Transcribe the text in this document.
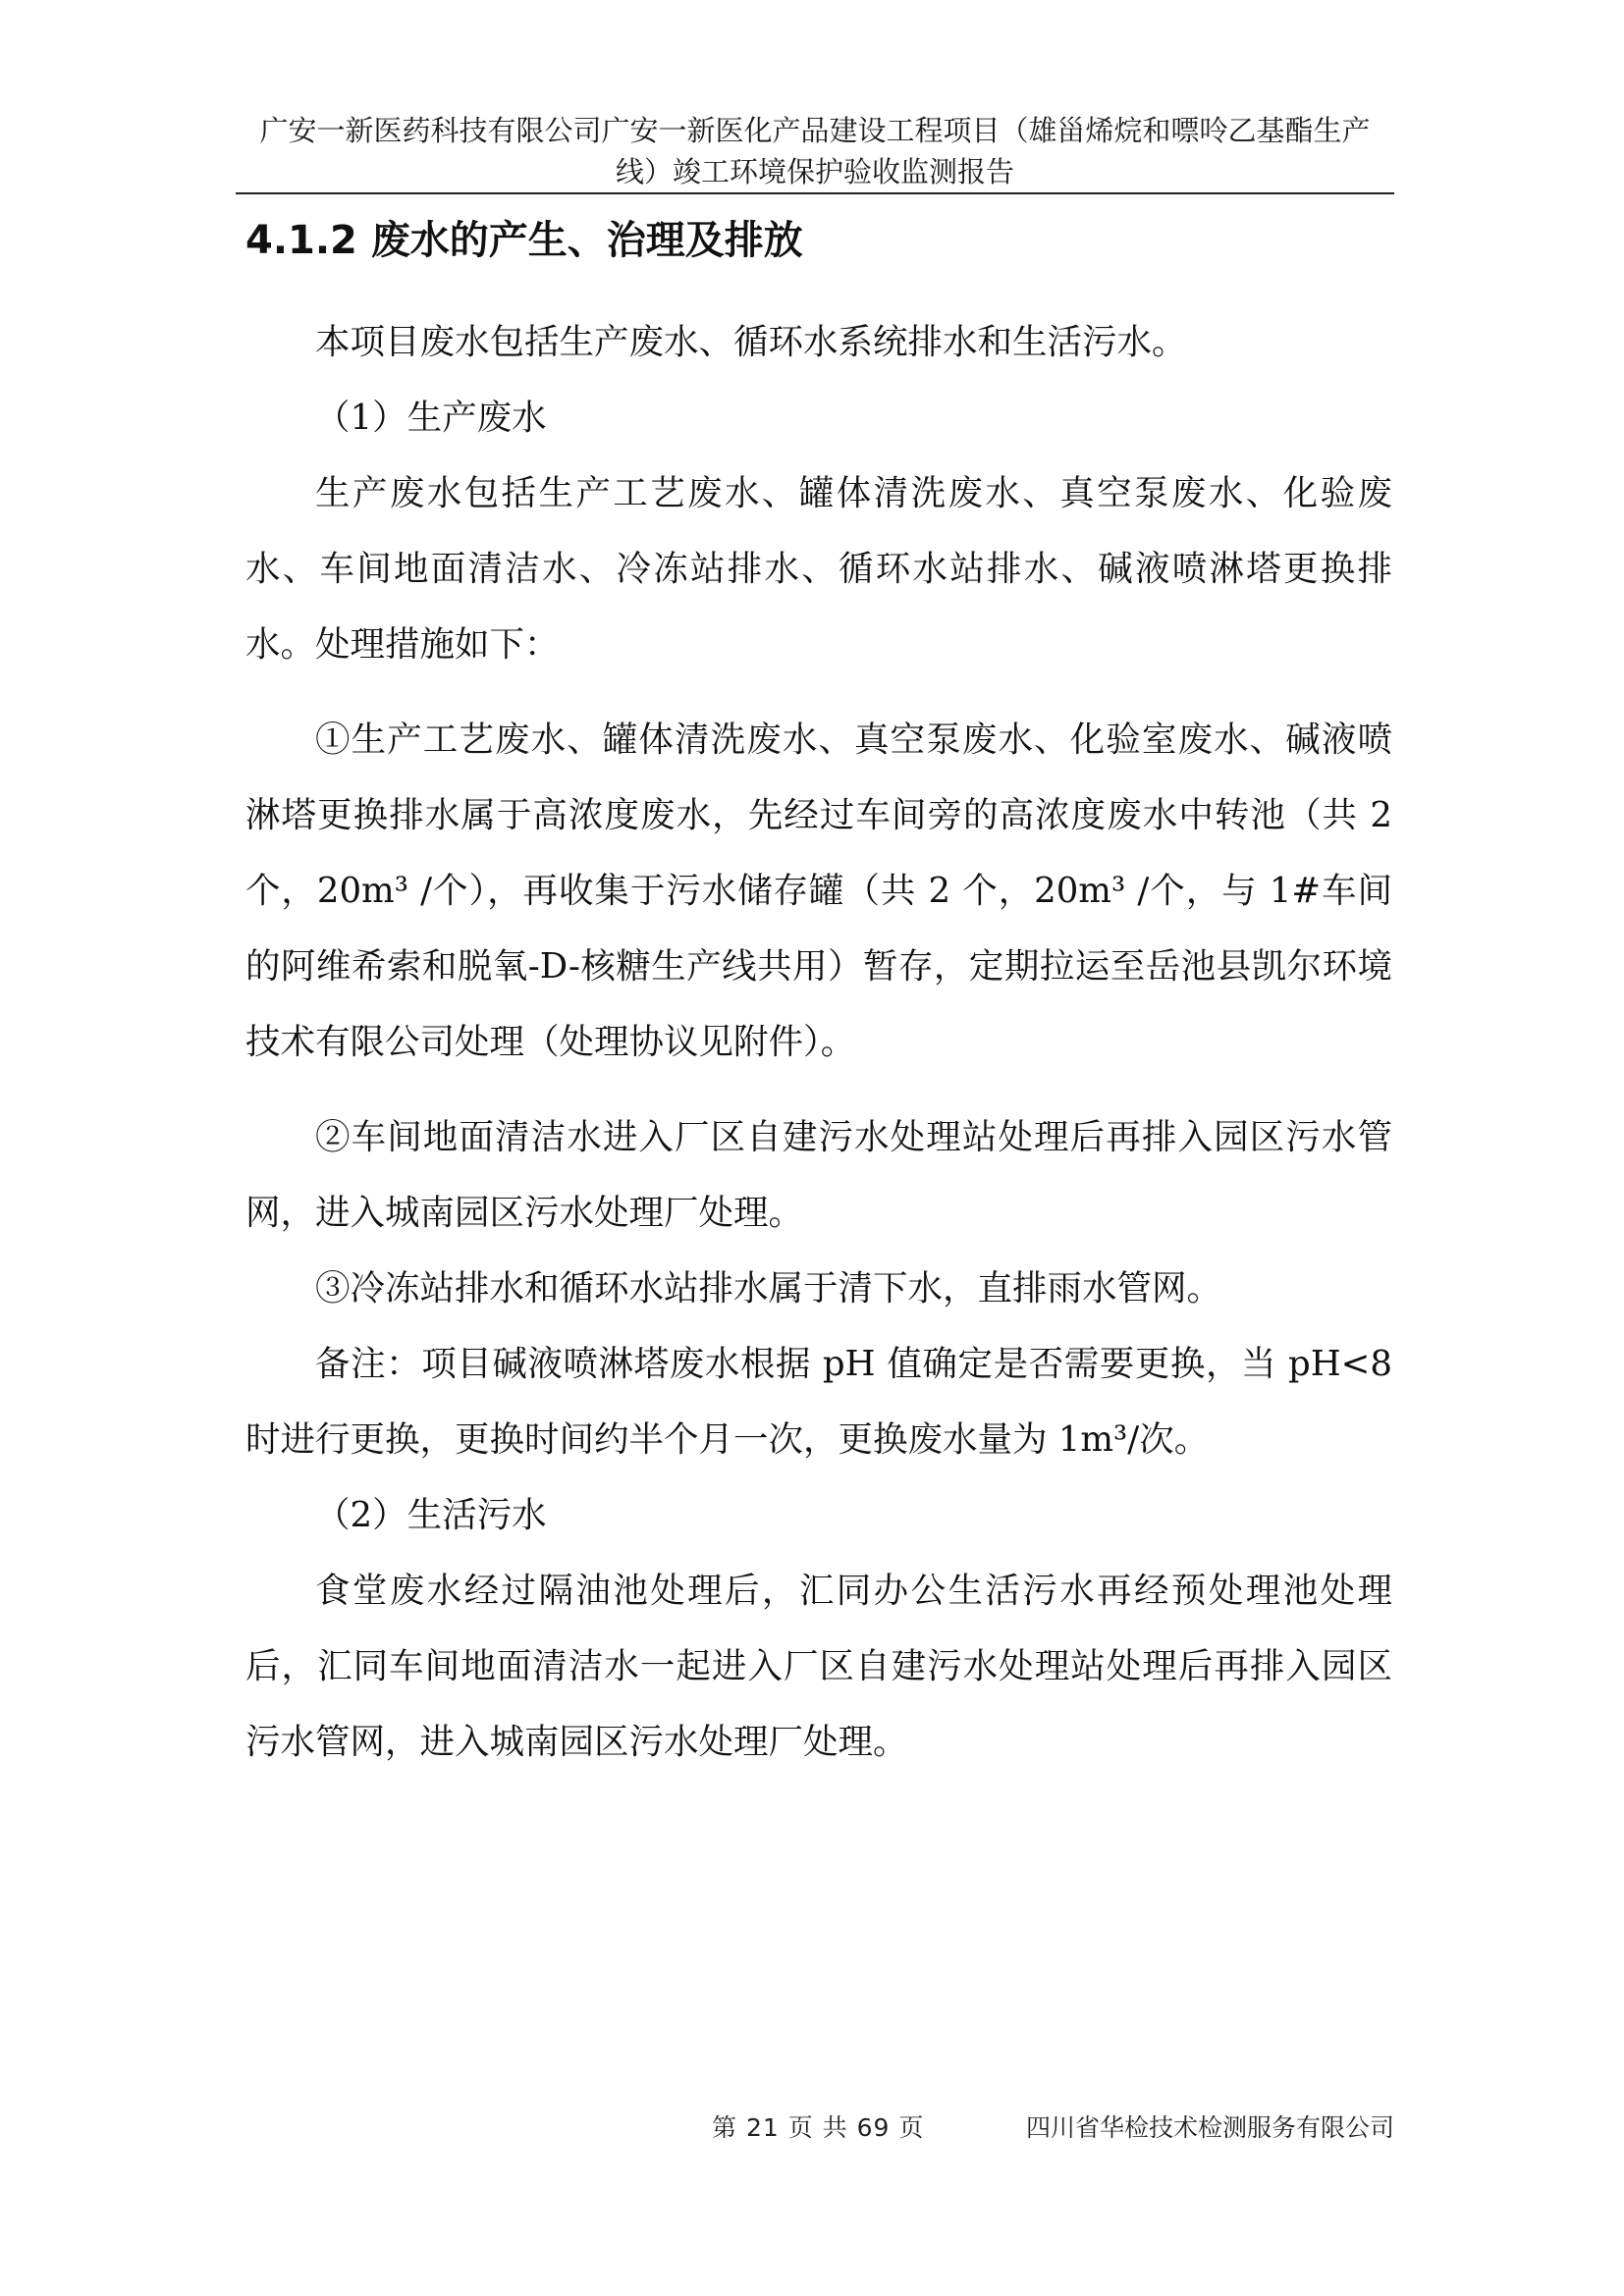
广安一新医药科技有限公司广安一新医化产品建设工程项目（雄甾烯烷和嘌呤乙基酯生产
线）竣工环境保护验收监测报告
4.1.2 废水的产生、治理及排放

本项目废水包括生产废水、循环水系统排水和生活污水。

（1）生产废水

生产废水包括生产工艺废水、罐体清洗废水、真空泵废水、化验废水、车间地面清洁水、冷冻站排水、循环水站排水、碱液喷淋塔更换排水。处理措施如下：

①生产工艺废水、罐体清洗废水、真空泵废水、化验室废水、碱液喷淋塔更换排水属于高浓度废水，先经过车间旁的高浓度废水中转池（共 2 个，20m³ /个），再收集于污水储存罐（共 2 个，20m³ /个，与 1#车间的阿维希索和脱氧-D-核糖生产线共用）暂存，定期拉运至岳池县凯尔环境技术有限公司处理（处理协议见附件）。

②车间地面清洁水进入厂区自建污水处理站处理后再排入园区污水管网，进入城南园区污水处理厂处理。

③冷冻站排水和循环水站排水属于清下水，直排雨水管网。

备注：项目碱液喷淋塔废水根据 pH 值确定是否需要更换，当 pH<8 时进行更换，更换时间约半个月一次，更换废水量为 1m³/次。

（2）生活污水

食堂废水经过隔油池处理后，汇同办公生活污水再经预处理池处理后，汇同车间地面清洁水一起进入厂区自建污水处理站处理后再排入园区污水管网，进入城南园区污水处理厂处理。

第 21 页 共 69 页	四川省华检技术检测服务有限公司
